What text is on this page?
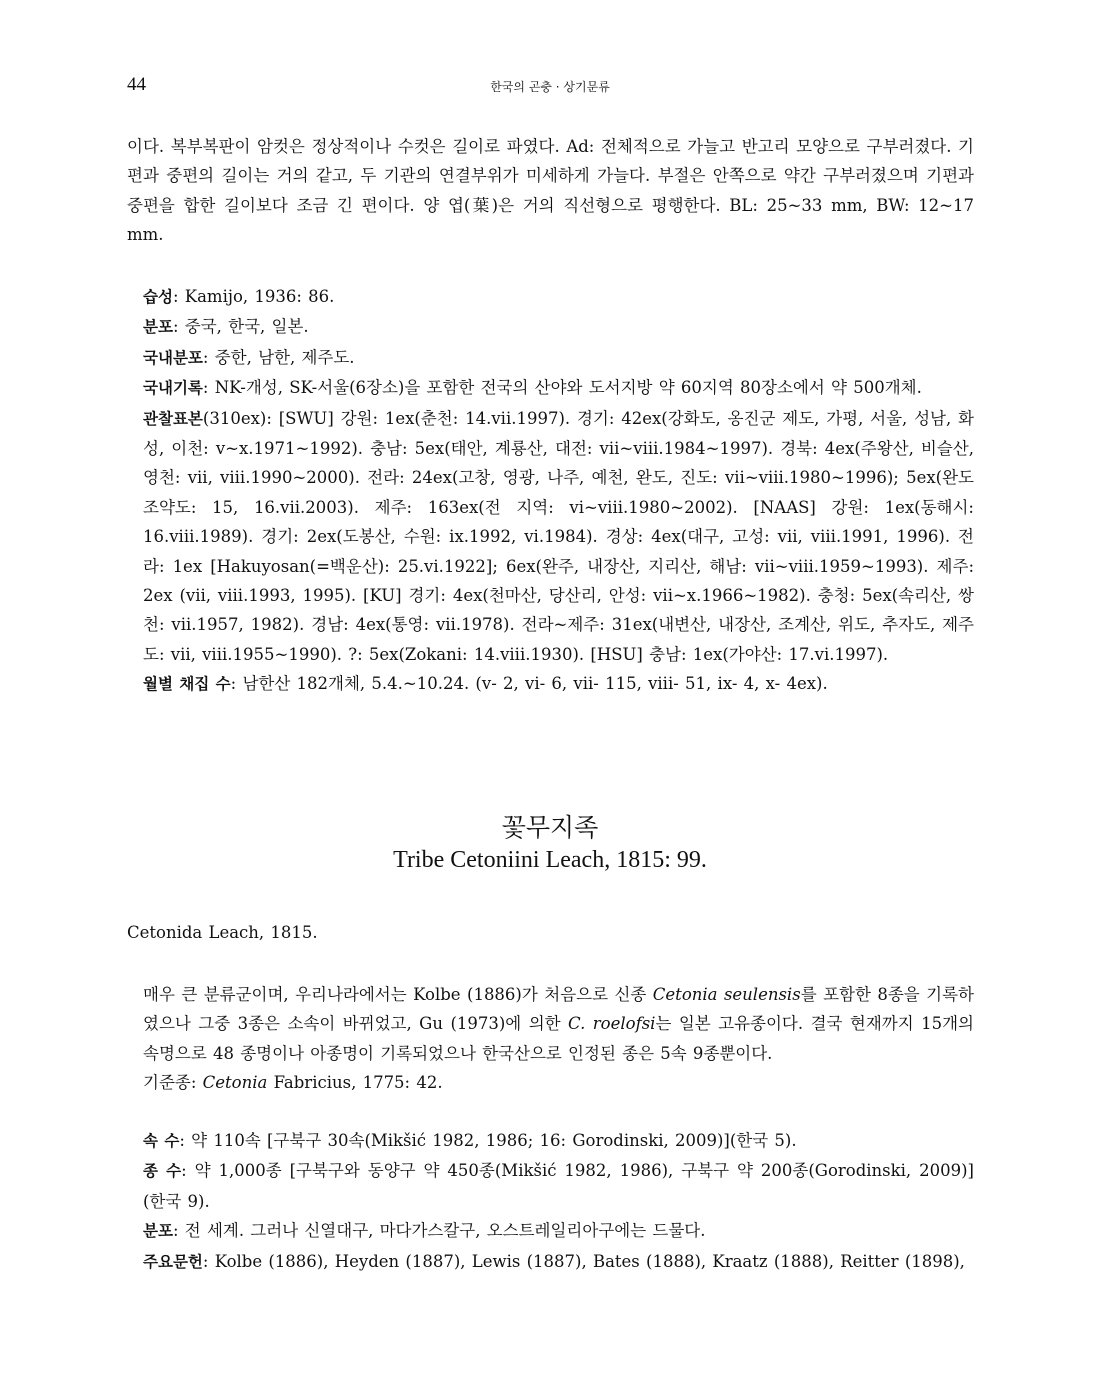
44	한국의 곤충 · 상기문류

이다. 복부복판이 암컷은 정상적이나 수컷은 길이로 파였다. Ad: 전체적으로 가늘고 반고리 모양으로 구부러졌다. 기편과 중편의 길이는 거의 같고, 두 기관의 연결부위가 미세하게 가늘다. 부절은 안쪽으로 약간 구부러졌으며 기편과 중편을 합한 길이보다 조금 긴 편이다. 양 엽(葉)은 거의 직선형으로 평행한다. BL: 25~33 mm, BW: 12~17 mm.

습성: Kamijo, 1936: 86.

분포: 중국, 한국, 일본.

국내분포: 중한, 남한, 제주도.

국내기록: NK-개성, SK-서울(6장소)을 포함한 전국의 산야와 도서지방 약 60지역 80장소에서 약 500개체.

관찰표본(310ex): [SWU] 강원: 1ex(춘천: 14.vii.1997). 경기: 42ex(강화도, 옹진군 제도, 가평, 서울, 성남, 화성, 이천: v~x.1971~1992). 충남: 5ex(태안, 계룡산, 대전: vii~viii.1984~1997). 경북: 4ex(주왕산, 비슬산, 영천: vii, viii.1990~2000). 전라: 24ex(고창, 영광, 나주, 예천, 완도, 진도: vii~viii.1980~1996); 5ex(완도 조약도: 15, 16.vii.2003). 제주: 163ex(전 지역: vi~viii.1980~2002). [NAAS] 강원: 1ex(동해시: 16.viii.1989). 경기: 2ex(도봉산, 수원: ix.1992, vi.1984). 경상: 4ex(대구, 고성: vii, viii.1991, 1996). 전라: 1ex [Hakuyosan(=백운산): 25.vi.1922]; 6ex(완주, 내장산, 지리산, 해남: vii~viii.1959~1993). 제주: 2ex (vii, viii.1993, 1995). [KU] 경기: 4ex(천마산, 당산리, 안성: vii~x.1966~1982). 충청: 5ex(속리산, 쌍천: vii.1957, 1982). 경남: 4ex(통영: vii.1978). 전라~제주: 31ex(내변산, 내장산, 조계산, 위도, 추자도, 제주도: vii, viii.1955~1990). ?: 5ex(Zokani: 14.viii.1930). [HSU] 충남: 1ex(가야산: 17.vi.1997).

월별 채집 수: 남한산 182개체, 5.4.~10.24. (v- 2, vi- 6, vii- 115, viii- 51, ix- 4, x- 4ex).

꽃무지족
Tribe Cetoniini Leach, 1815: 99.

Cetonida Leach, 1815.

매우 큰 분류군이며, 우리나라에서는 Kolbe (1886)가 처음으로 신종 Cetonia seulensis를 포함한 8종을 기록하였으나 그중 3종은 소속이 바뀌었고, Gu (1973)에 의한 C. roelofsi는 일본 고유종이다. 결국 현재까지 15개의 속명으로 48 종명이나 아종명이 기록되었으나 한국산으로 인정된 종은 5속 9종뿐이다.

기준종: Cetonia Fabricius, 1775: 42.

속 수: 약 110속 [구북구 30속(Mikšić 1982, 1986; 16: Gorodinski, 2009)](한국 5).

종 수: 약 1,000종 [구북구와 동양구 약 450종(Mikšić 1982, 1986), 구북구 약 200종(Gorodinski, 2009)] (한국 9).

분포: 전 세계. 그러나 신열대구, 마다가스칼구, 오스트레일리아구에는 드물다.

주요문헌: Kolbe (1886), Heyden (1887), Lewis (1887), Bates (1888), Kraatz (1888), Reitter (1898),
